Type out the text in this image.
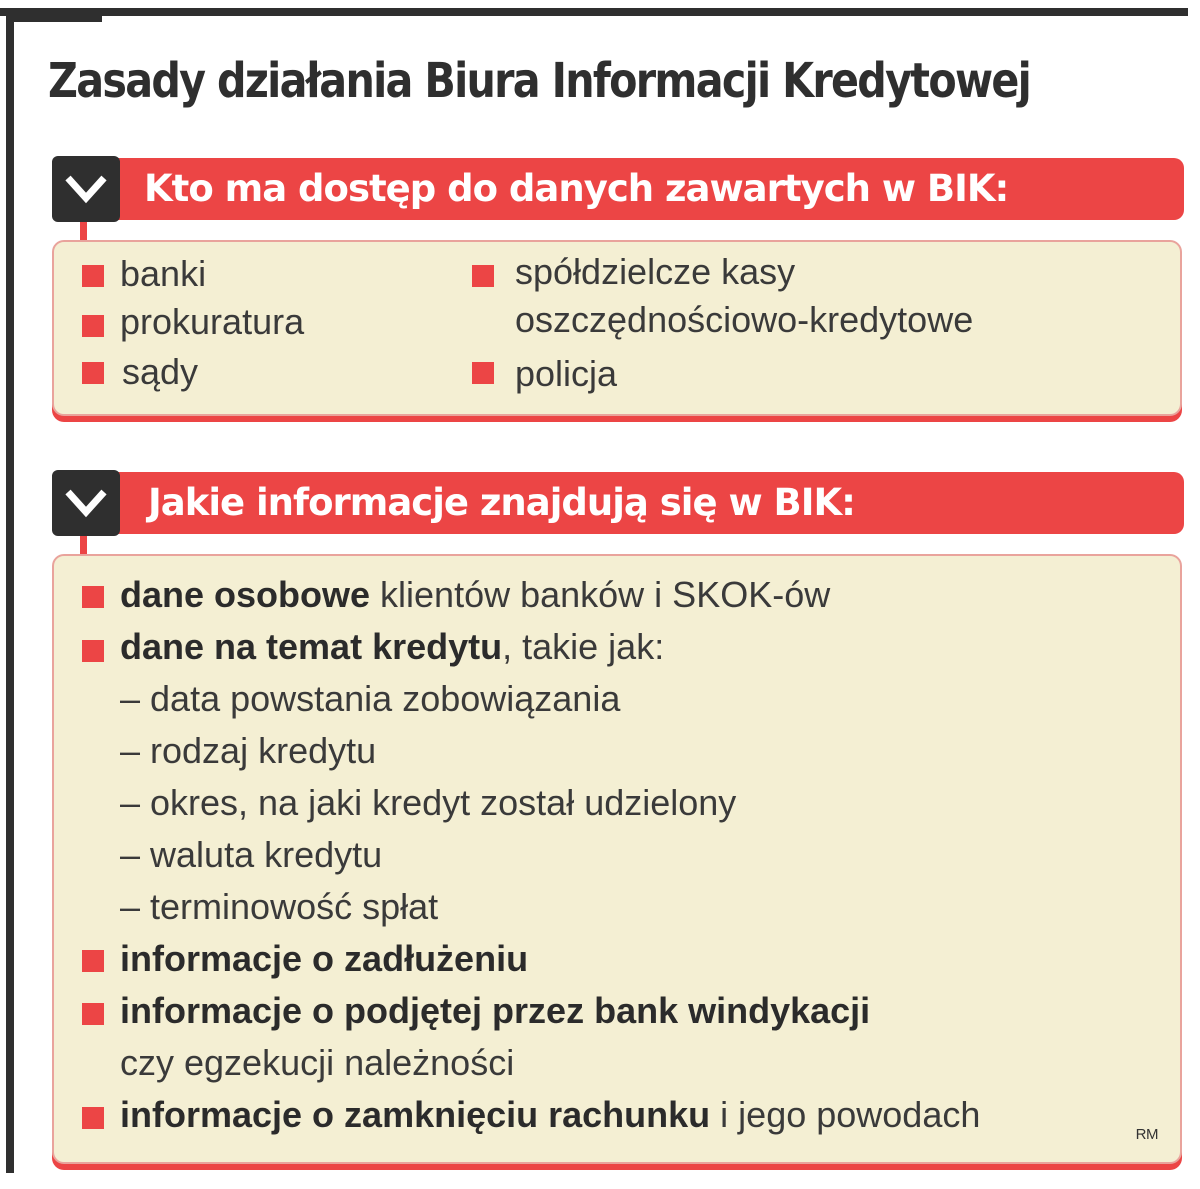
Zasady działania Biura Informacji Kredytowej
Kto ma dostęp do danych zawartych w BIK:
banki
prokuratura
sądy
spółdzielcze kasy
oszczędnościowo-kredytowe
policja
Jakie informacje znajdują się w BIK:
dane osobowe klientów banków i SKOK-ów
dane na temat kredytu, takie jak:
– data powstania zobowiązania
– rodzaj kredytu
– okres, na jaki kredyt został udzielony
– waluta kredytu
– terminowość spłat
informacje o zadłużeniu
informacje o podjętej przez bank windykacji
czy egzekucji należności
informacje o zamknięciu rachunku i jego powodach	RM
